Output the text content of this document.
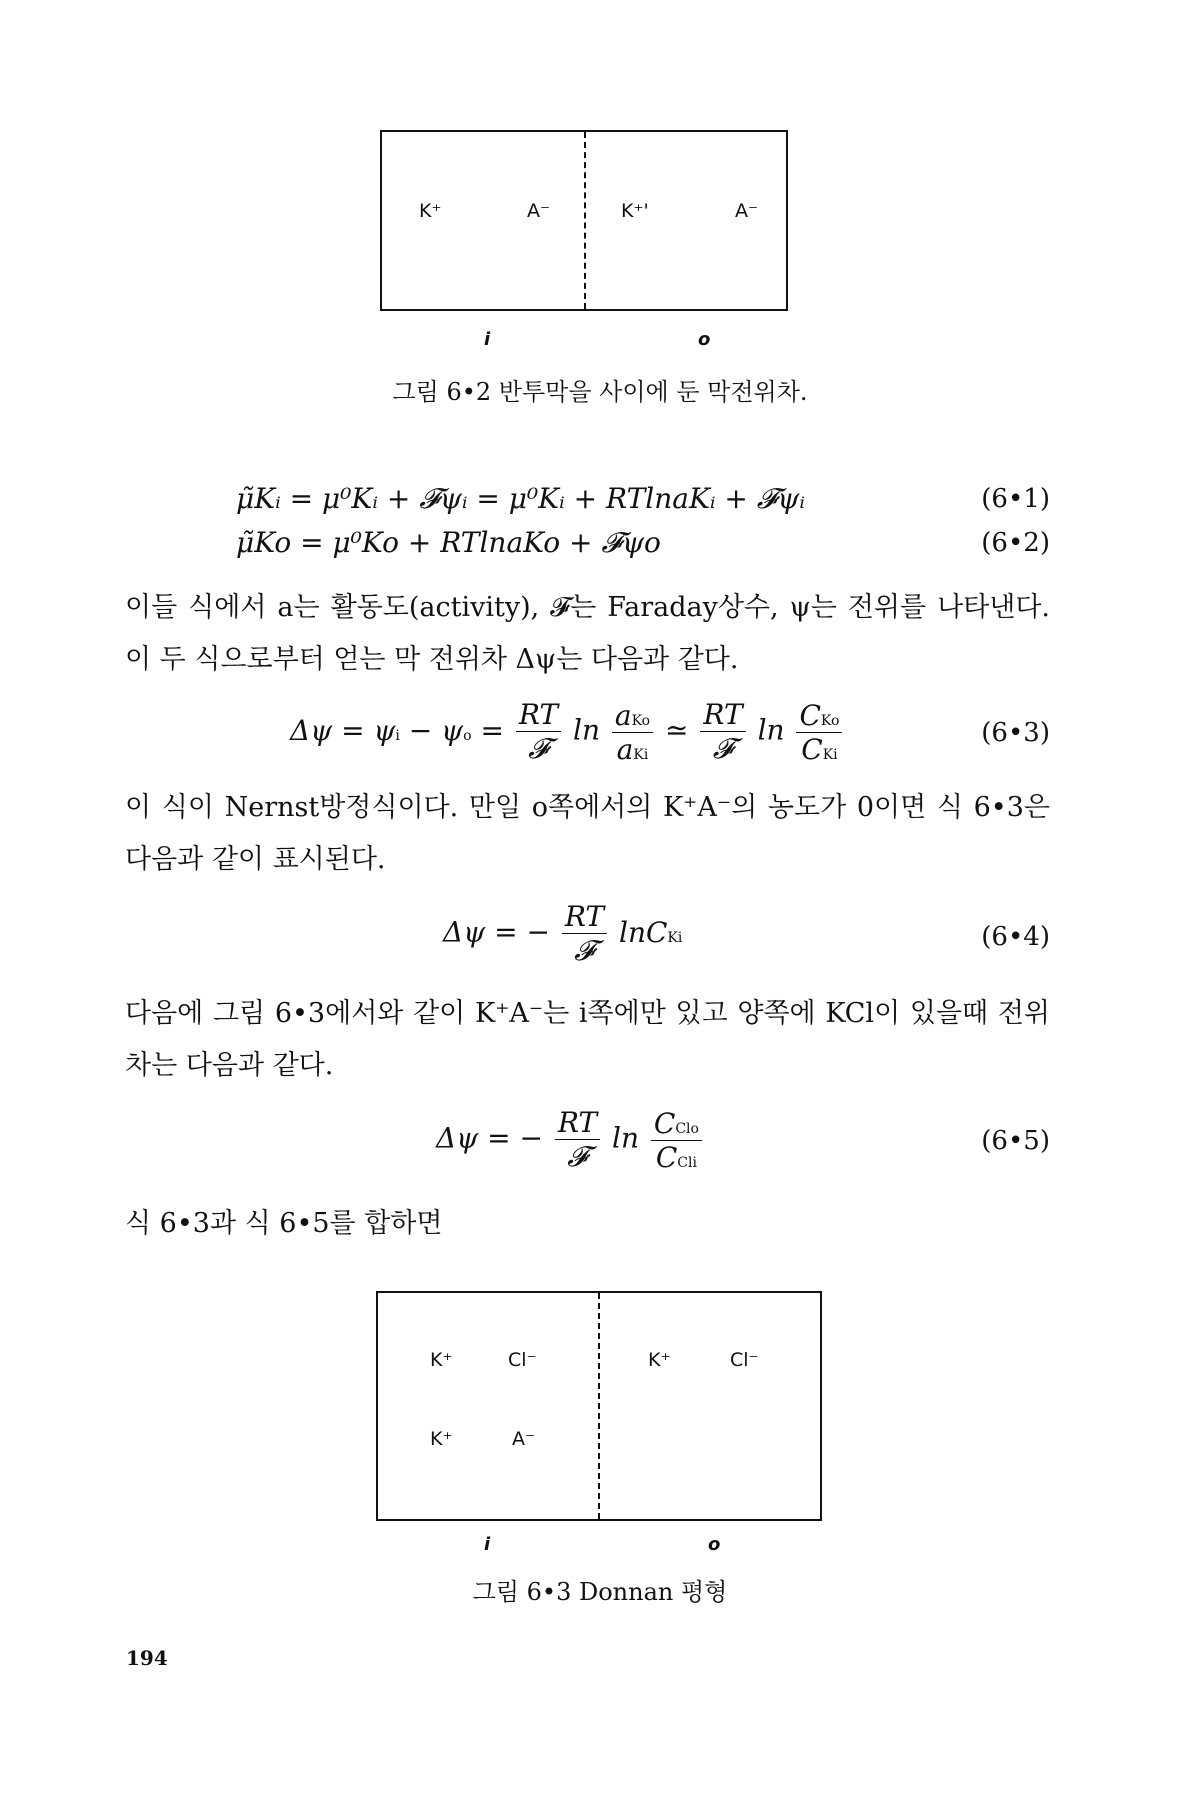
K⁺	A⁻	K⁺'	A⁻
i	o
그림 6•2 반투막을 사이에 둔 막전위차.
μ̃Kᵢ = μ⁰Kᵢ + 𝓕ψᵢ = μ⁰Kᵢ + RTlnaKᵢ + 𝓕ψᵢ	(6•1)
μ̃Ko = μ⁰Ko + RTlnaKo + 𝓕ψo	(6•2)
이들 식에서 a는 활동도(activity), 𝓕는 Faraday상수, ψ는 전위를 나타낸다. 이 두 식으로부터 얻는 막 전위차 Δψ는 다음과 같다.
$\Delta\psi = \psi i - \psi o = \frac{RT}{\text{𝓕}}$ $\ln \frac{\text{aKo}}{\text{aKi}}$ ≃ $\frac{RT}{\text{𝓕}}$ $\ln \frac{\text{CKo}}{\text{CKi}}$	(6•3)
이 식이 Nernst방정식이다. 만일 o쪽에서의 K⁺A⁻의 농도가 0이면 식 6•3은 다음과 같이 표시된다.
Δψ = − $\frac{RT}{\text{𝓕}}$ lnCKi	(6•4)
다음에 그림 6•3에서와 같이 K⁺A⁻는 i쪽에만 있고 양쪽에 KCl이 있을때 전위차는 다음과 같다.
Δψ = − $\frac{RT}{\text{𝓕}}$ $\ln \frac{\text{CClo}}{\text{CCli}}$	(6•5)
식 6•3과 식 6•5를 합하면
K⁺	Cl⁻
K⁺	A⁻
K⁺	Cl⁻
i	o
그림 6•3 Donnan 평형
194
